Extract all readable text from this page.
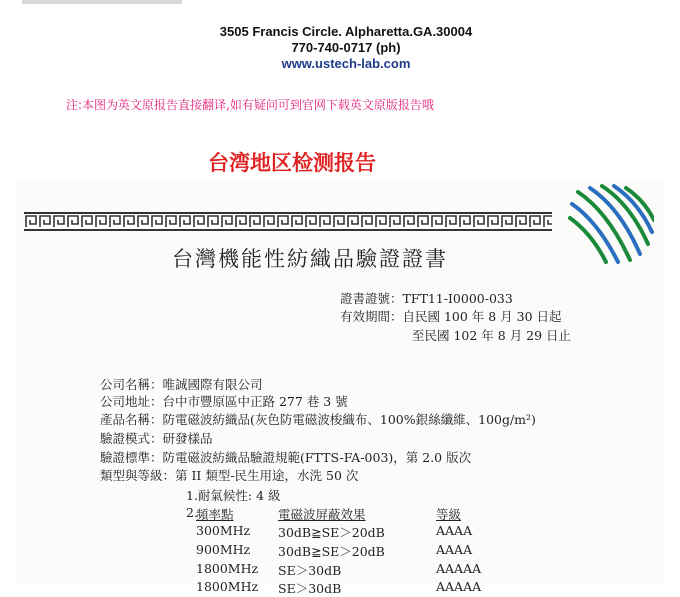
3505 Francis Circle. Alpharetta.GA.30004
770-740-0717 (ph)
www.ustech-lab.com
注:本图为英文原报告直接翻译,如有疑问可到官网下载英文原版报告哦
台湾地区检测报告
台灣機能性紡織品驗證證書
證書證號：TFT11-I0000-033
有效期間：自民國 100 年 8 月 30 日起
至民國 102 年 8 月 29 日止
公司名稱：唯誠國際有限公司
公司地址：台中市豐原區中正路 277 巷 3 號
產品名稱：防電磁波紡織品(灰色防電磁波梭織布、100%銀絲纖維、100g/m²)
驗證模式：研發樣品
驗證標準：防電磁波紡織品驗證規範(FTTS-FA-003)，第 2.0 版次
類型與等級：第 II 類型-民生用途，水洗 50 次
1.耐氣候性: 4 級
2.
頻率點	電磁波屏蔽效果	等級
300MHz 30dB≧SE＞20dB	AAAA
900MHz 30dB≧SE＞20dB	AAAA
1800MHz SE＞30dB	AAAAA
1800MHz SE＞30dB	AAAAA
